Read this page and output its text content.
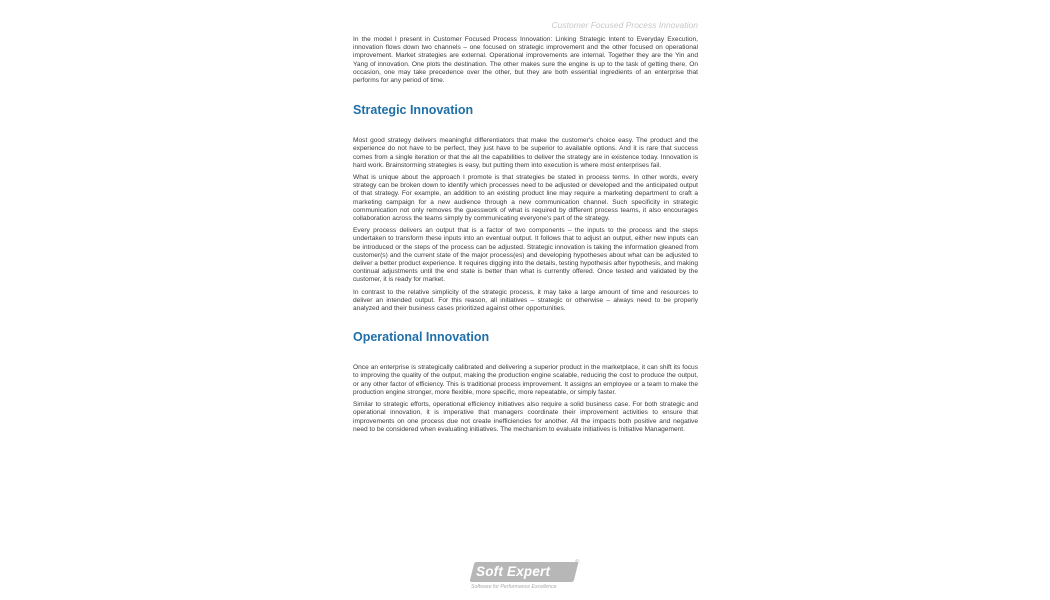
Customer Focused Process Innovation

In the model I present in Customer Focused Process Innovation: Linking Strategic Intent to Everyday Execution, innovation flows down two channels – one focused on strategic improvement and the other focused on operational improvement. Market strategies are external. Operational improvements are internal. Together they are the Yin and Yang of innovation. One plots the destination. The other makes sure the engine is up to the task of getting there. On occasion, one may take precedence over the other, but they are both essential ingredients of an enterprise that performs for any period of time.

Strategic Innovation

Most good strategy delivers meaningful differentiators that make the customer's choice easy. The product and the experience do not have to be perfect, they just have to be superior to available options. And it is rare that success comes from a single iteration or that the all the capabilities to deliver the strategy are in existence today. Innovation is hard work. Brainstorming strategies is easy, but putting them into execution is where most enterprises fail.

What is unique about the approach I promote is that strategies be stated in process terms. In other words, every strategy can be broken down to identify which processes need to be adjusted or developed and the anticipated output of that strategy. For example, an addition to an existing product line may require a marketing department to craft a marketing campaign for a new audience through a new communication channel. Such specificity in strategic communication not only removes the guesswork of what is required by different process teams, it also encourages collaboration across the teams simply by communicating everyone's part of the strategy.

Every process delivers an output that is a factor of two components – the inputs to the process and the steps undertaken to transform these inputs into an eventual output. It follows that to adjust an output, either new inputs can be introduced or the steps of the process can be adjusted. Strategic innovation is taking the information gleaned from customer(s) and the current state of the major process(es) and developing hypotheses about what can be adjusted to deliver a better product experience. It requires digging into the details, testing hypothesis after hypothesis, and making continual adjustments until the end state is better than what is currently offered. Once tested and validated by the customer, it is ready for market.

In contrast to the relative simplicity of the strategic process, it may take a large amount of time and resources to deliver an intended output. For this reason, all initiatives – strategic or otherwise – always need to be properly analyzed and their business cases prioritized against other opportunities.

Operational Innovation

Once an enterprise is strategically calibrated and delivering a superior product in the marketplace, it can shift its focus to improving the quality of the output, making the production engine scalable, reducing the cost to produce the output, or any other factor of efficiency. This is traditional process improvement. It assigns an employee or a team to make the production engine stronger, more flexible, more specific, more repeatable, or simply faster.

Similar to strategic efforts, operational efficiency initiatives also require a solid business case. For both strategic and operational innovation, it is imperative that managers coordinate their improvement activities to ensure that improvements on one process due not create inefficiencies for another. All the impacts both positive and negative need to be considered when evaluating initiatives. The mechanism to evaluate initiatives is Initiative Management.

Soft Expert
®
Software for Performance Excellence
